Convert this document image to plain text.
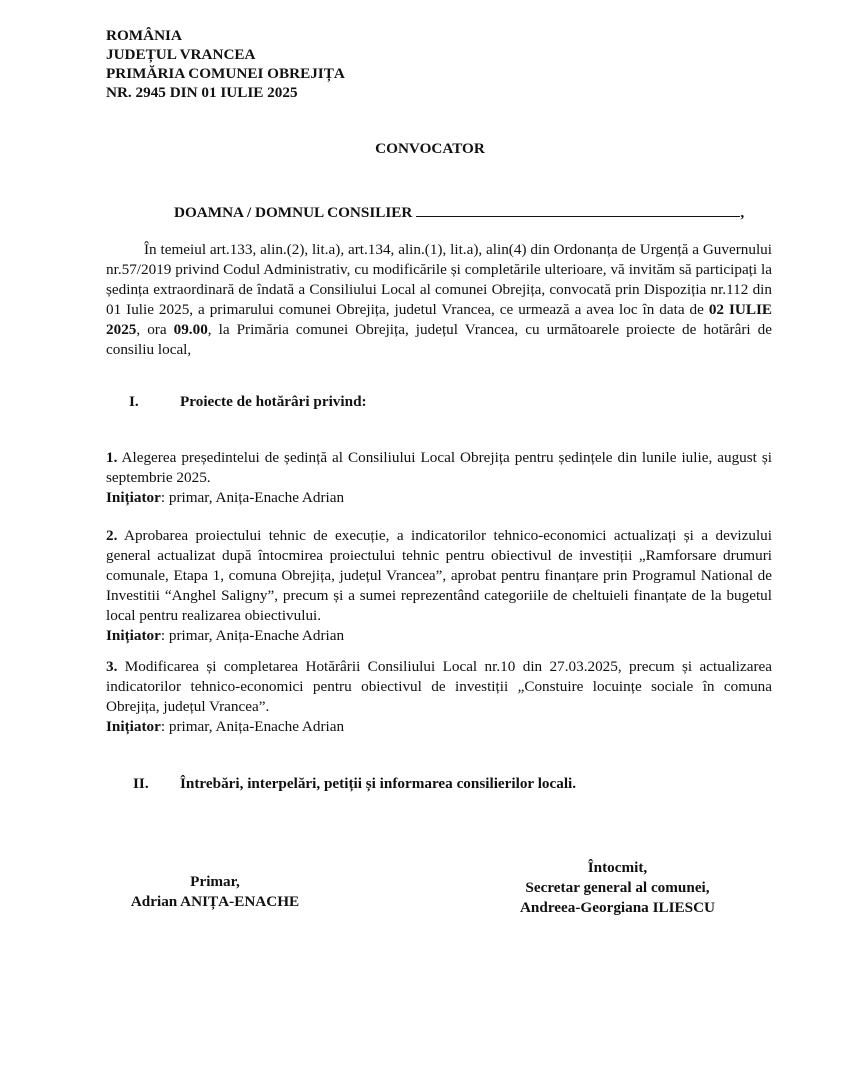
ROMÂNIA
JUDEȚUL VRANCEA
PRIMĂRIA COMUNEI OBREJIȚA
NR. 2945 DIN 01 IULIE 2025
CONVOCATOR
DOAMNA / DOMNUL CONSILIER	,
În temeiul art.133, alin.(2), lit.a), art.134, alin.(1), lit.a), alin(4) din Ordonanța de Urgență a Guvernului nr.57/2019 privind Codul Administrativ, cu modificările și completările ulterioare, vă invităm să participați la ședința extraordinară de îndată a Consiliului Local al comunei Obrejița, convocată prin Dispoziția nr.112 din 01 Iulie 2025, a primarului comunei Obrejița, judetul Vrancea, ce urmează a avea loc în data de 02 IULIE 2025, ora 09.00, la Primăria comunei Obrejița, județul Vrancea, cu următoarele proiecte de hotărâri de consiliu local,
I.	Proiecte de hotărâri privind:
1. Alegerea președintelui de ședință al Consiliului Local Obrejița pentru ședințele din lunile iulie, august și septembrie 2025.
Inițiator: primar, Anița-Enache Adrian
2. Aprobarea proiectului tehnic de execuție, a indicatorilor tehnico-economici actualizați și a devizului general actualizat după întocmirea proiectului tehnic pentru obiectivul de investiții „Ramforsare drumuri comunale, Etapa 1, comuna Obrejița, județul Vrancea”, aprobat pentru finanțare prin Programul National de Investitii “Anghel Saligny”, precum și a sumei reprezentând categoriile de cheltuieli finanțate de la bugetul local pentru realizarea obiectivului.
Inițiator: primar, Anița-Enache Adrian
3. Modificarea și completarea Hotărârii Consiliului Local nr.10 din 27.03.2025, precum și actualizarea indicatorilor tehnico-economici pentru obiectivul de investiții „Constuire locuințe sociale în comuna Obrejița, județul Vrancea”.
Inițiator: primar, Anița-Enache Adrian
II. Întrebări, interpelări, petiții și informarea consilierilor locali.
Primar,
Adrian ANIȚA-ENACHE
Întocmit,
Secretar general al comunei,
Andreea-Georgiana ILIESCU
